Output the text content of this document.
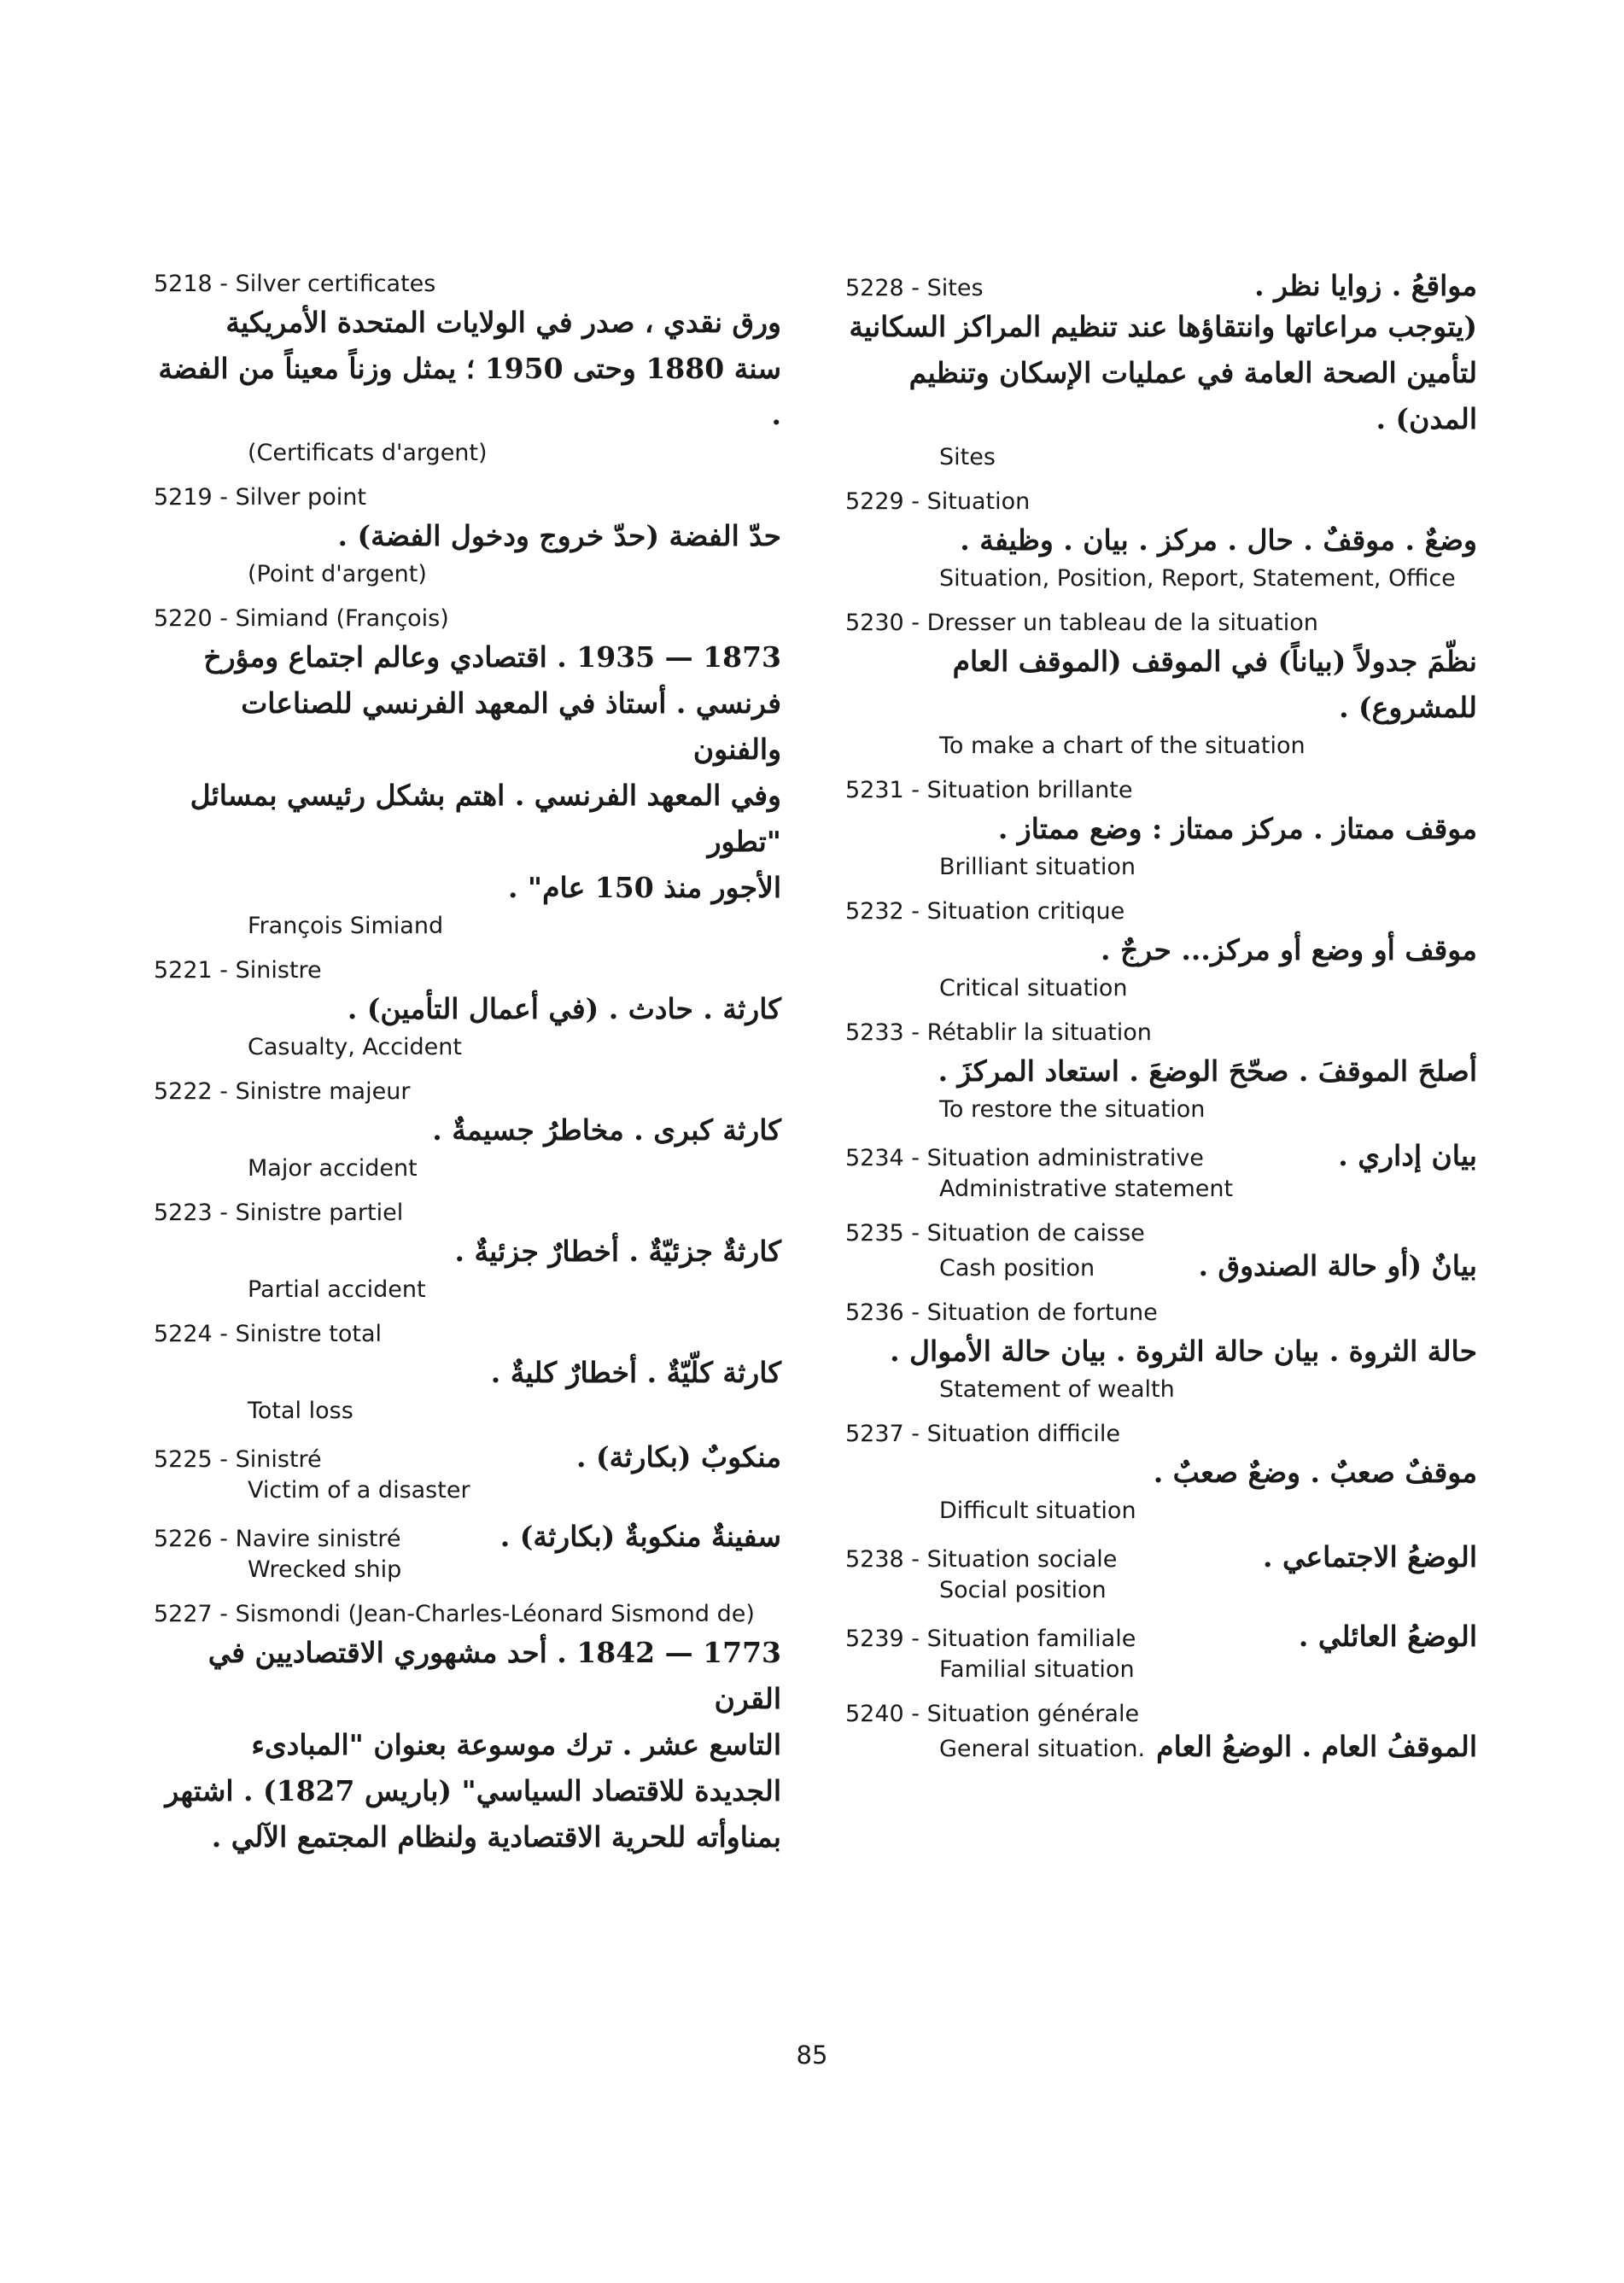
5218 - Silver certificates
ورق نقدي ، صدر في الولايات المتحدة الأمريكية
سنة 1880 وحتى 1950 ؛ يمثل وزناً معيناً من الفضة .
(Certificats d'argent)
5219 - Silver point
حدّ الفضة (حدّ خروج ودخول الفضة) .
(Point d'argent)
5220 - Simiand (François)
1873 — 1935 . اقتصادي وعالم اجتماع ومؤرخ
فرنسي . أستاذ في المعهد الفرنسي للصناعات والفنون
وفي المعهد الفرنسي . اهتم بشكل رئيسي بمسائل "تطور
الأجور منذ 150 عام" .
François Simiand
5221 - Sinistre
كارثة . حادث . (في أعمال التأمين) .
Casualty, Accident
5222 - Sinistre majeur
كارثة كبرى . مخاطرُ جسيمةٌ .
Major accident
5223 - Sinistre partiel
كارثةٌ جزئيّةٌ . أخطارٌ جزئيةٌ .
Partial accident
5224 - Sinistre total
كارثة كلّيّةٌ . أخطارٌ كليةٌ .
Total loss
5225 - Sinistré	منكوبٌ (بكارثة) .
Victim of a disaster
5226 - Navire sinistré	سفينةٌ منكوبةٌ (بكارثة) .
Wrecked ship
5227 - Sismondi (Jean-Charles-Léonard Sismond de)
1773 — 1842 . أحد مشهوري الاقتصاديين في القرن
التاسع عشر . ترك موسوعة بعنوان "المبادىء
الجديدة للاقتصاد السياسي" (باريس 1827) . اشتهر
بمناوأته للحرية الاقتصادية ولنظام المجتمع الآلي .
5228 - Sites	مواقعُ . زوايا نظر .
(يتوجب مراعاتها وانتقاؤها عند تنظيم المراكز السكانية
لتأمين الصحة العامة في عمليات الإسكان وتنظيم
المدن) .
Sites
5229 - Situation
وضعٌ . موقفٌ . حال . مركز . بيان . وظيفة .
Situation, Position, Report, Statement, Office
5230 - Dresser un tableau de la situation
نظّمَ جدولاً (بياناً) في الموقف (الموقف العام
للمشروع) .
To make a chart of the situation
5231 - Situation brillante
موقف ممتاز . مركز ممتاز : وضع ممتاز .
Brilliant situation
5232 - Situation critique
موقف أو وضع أو مركز... حرجٌ .
Critical situation
5233 - Rétablir la situation
أصلحَ الموقفَ . صحّحَ الوضعَ . استعاد المركزَ .
To restore the situation
5234 - Situation administrative	بيان إداري .
Administrative statement
5235 - Situation de caisse
Cash position	بيانٌ (أو حالة الصندوق .
5236 - Situation de fortune
حالة الثروة . بيان حالة الثروة . بيان حالة الأموال .
Statement of wealth
5237 - Situation difficile
موقفٌ صعبٌ . وضعٌ صعبٌ .
Difficult situation
5238 - Situation sociale	الوضعُ الاجتماعي .
Social position
5239 - Situation familiale	الوضعُ العائلي .
Familial situation
5240 - Situation générale
General situation. الموقفُ العام . الوضعُ العام
85
